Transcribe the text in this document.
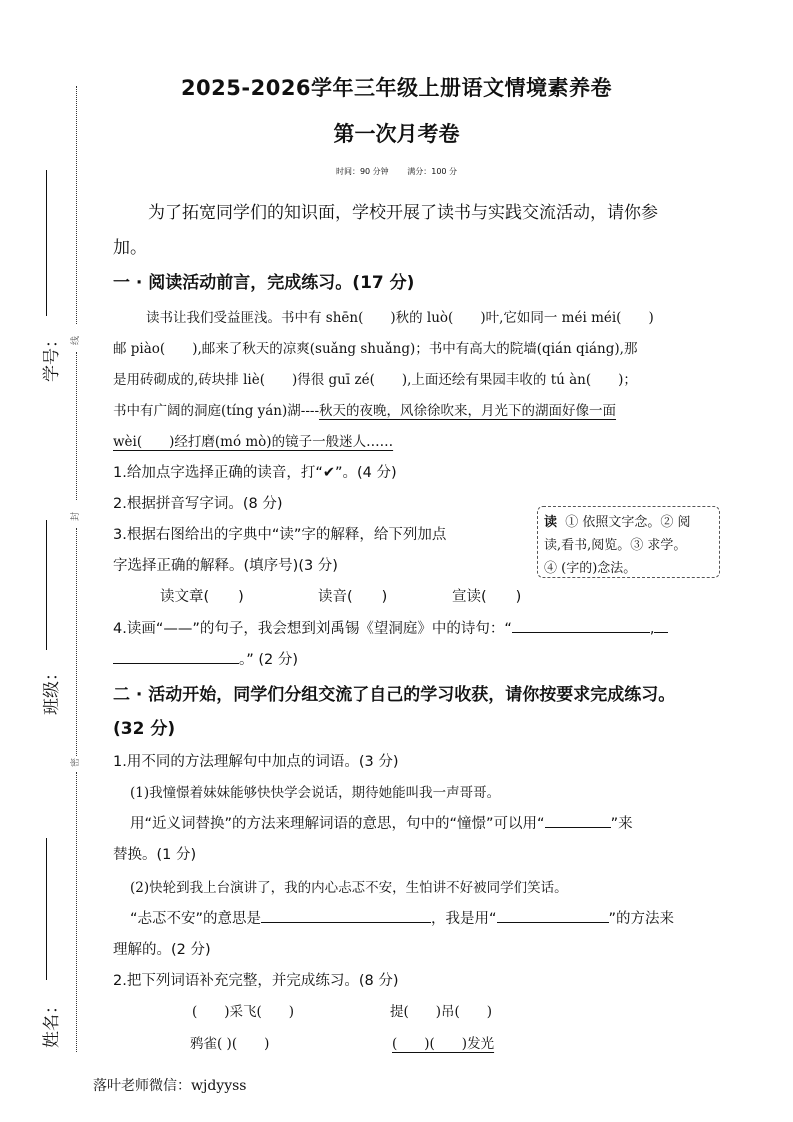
线
封
密
学号：
班级：
姓名：
2025-2026学年三年级上册语文情境素养卷
第一次月考卷
时间：90 分钟 满分：100 分
为了拓宽同学们的知识面，学校开展了读书与实践交流活动，请你参
加。
一 · 阅读活动前言，完成练习。(17 分)
读书让我们受益匪浅。书中有 shēn(　　)秋的 luò(　　)叶,它如同一 méi méi(　　)
邮 piào(　　),邮来了秋天的凉爽(suǎng shuǎng)；书中有高大的院墙(qián qiáng),那
是用砖砌成的,砖块排 liè(　　)得很 guī zé(　　),上面还绘有果园丰收的 tú àn(　　)；
书中有广阔的洞庭(tíng yán)湖----秋天的夜晚，风徐徐吹来，月光下的湖面好像一面
wèi(　　)经打磨(mó mò)的镜子一般迷人……
1.给加点字选择正确的读音，打“✔”。(4 分)
2.根据拼音写字词。(8 分)
3.根据右图给出的字典中“读”字的解释，给下列加点
字选择正确的解释。(填序号)(3 分)
读 ① 依照文字念。② 阅
读,看书,阅览。③ 求学。
④ (字的)念法。
读文章(　　)	读音(　　)	宣读(　　)
4.读画“——”的句子，我会想到刘禹锡《望洞庭》中的诗句：“	,
。” (2 分)
二 · 活动开始，同学们分组交流了自己的学习收获，请你按要求完成练习。
(32 分)
1.用不同的方法理解句中加点的词语。(3 分)
(1)我憧憬着妹妹能够快快学会说话，期待她能叫我一声哥哥。
用“近义词替换”的方法来理解词语的意思，句中的“憧憬”可以用“	”来
替换。(1 分)
(2)快轮到我上台演讲了，我的内心忐忑不安，生怕讲不好被同学们笑话。
“忐忑不安”的意思是	，我是用“	”的方法来
理解的。(2 分)
2.把下列词语补充完整，并完成练习。(8 分)
(　　)采飞(　　)	提(　　)吊(　　)
鸦雀( )(　　)	(　　)(　　)发光
落叶老师微信：wjdyyss
